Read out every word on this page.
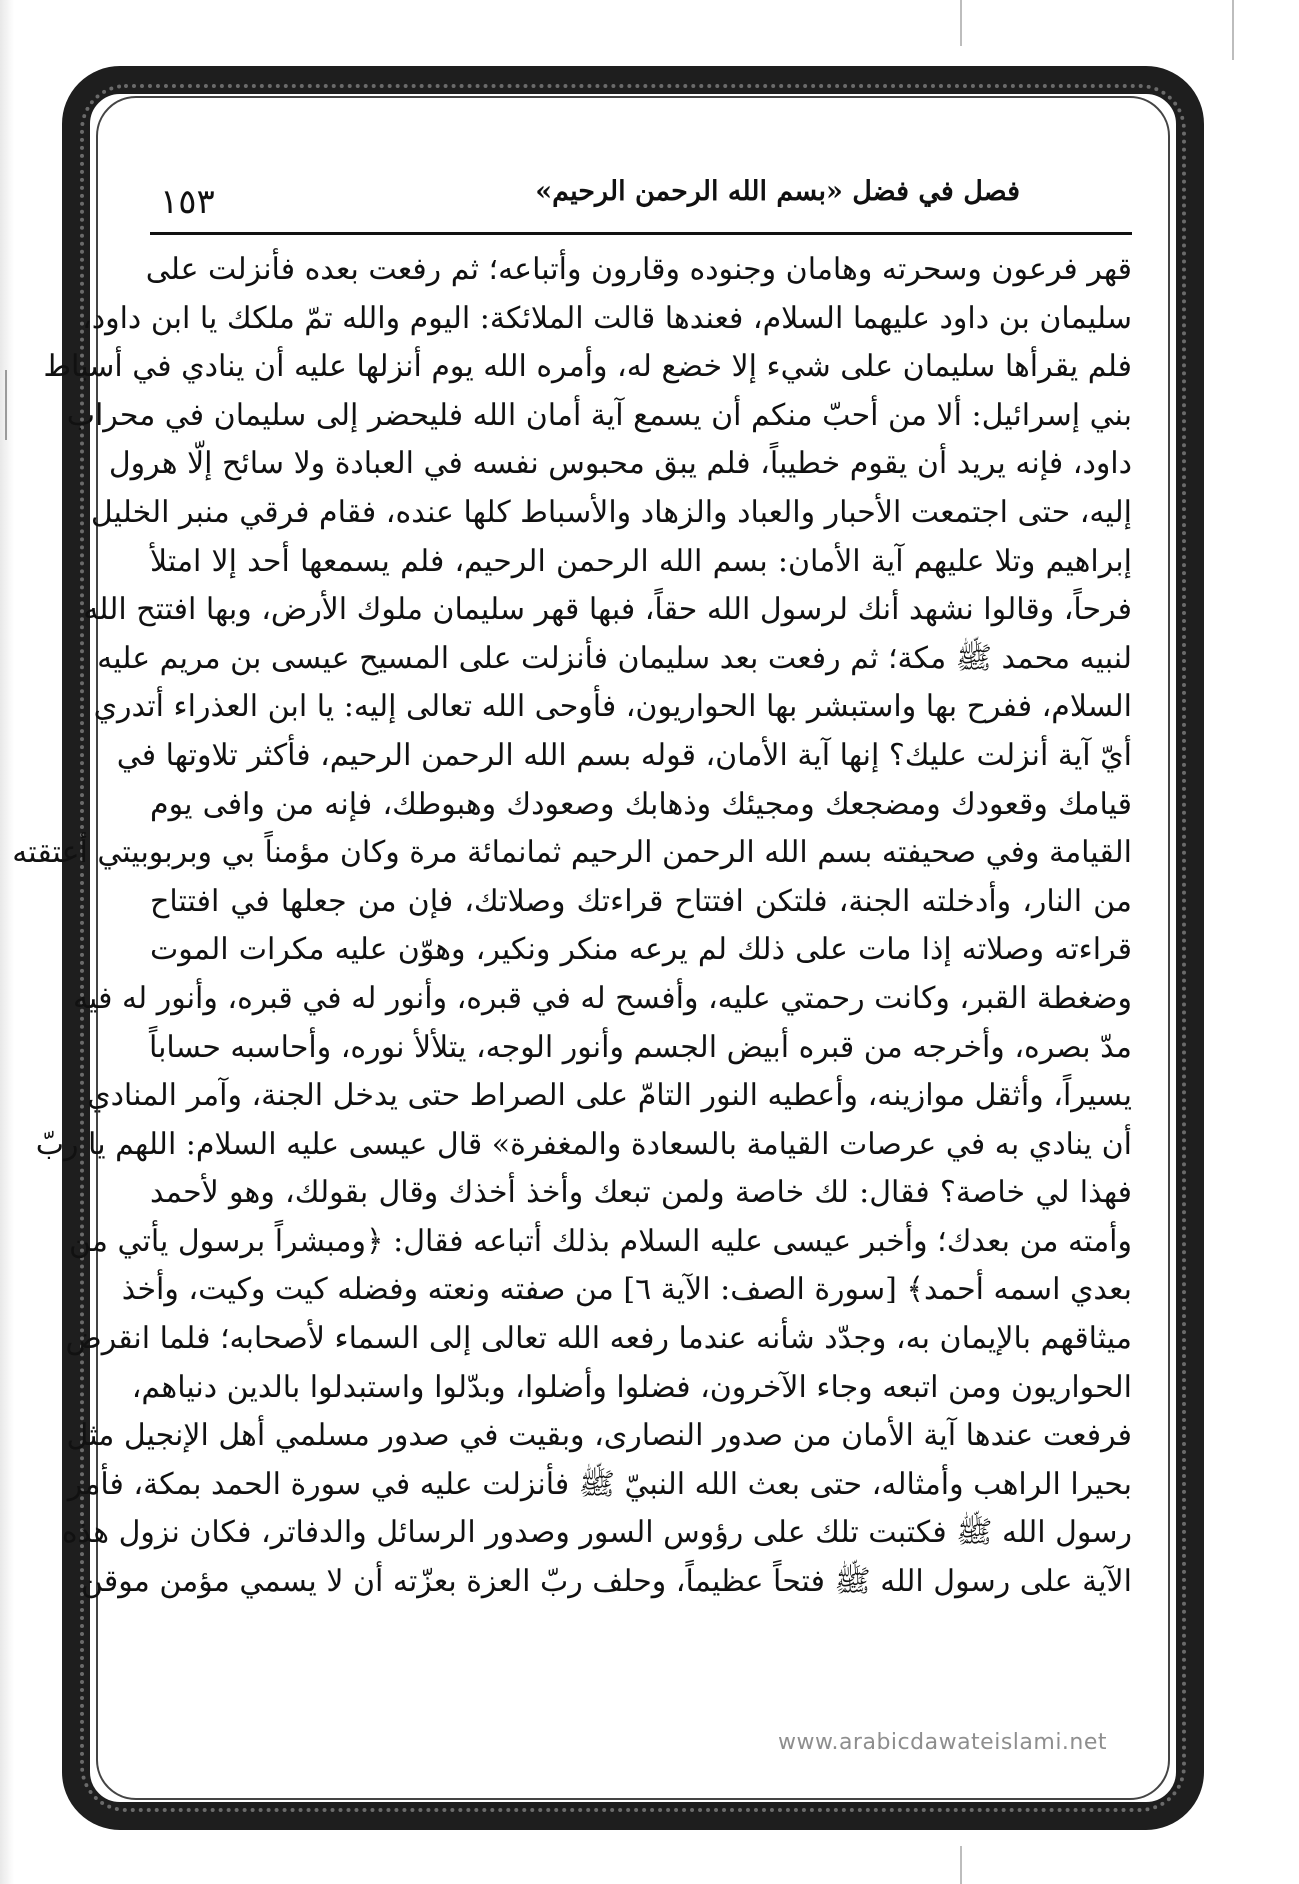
فصل في فضل «بسم الله الرحمن الرحيم»
١٥٣
قهر فرعون وسحرته وهامان وجنوده وقارون وأتباعه؛ ثم رفعت بعده فأنزلت على
سليمان بن داود عليهما السلام، فعندها قالت الملائكة: اليوم والله تمّ ملكك يا ابن داود،
فلم يقرأها سليمان على شيء إلا خضع له، وأمره الله يوم أنزلها عليه أن ينادي في أسباط
بني إسرائيل: ألا من أحبّ منكم أن يسمع آية أمان الله فليحضر إلى سليمان في محراب
داود، فإنه يريد أن يقوم خطيباً، فلم يبق محبوس نفسه في العبادة ولا سائح إلّا هرول
إليه، حتى اجتمعت الأحبار والعباد والزهاد والأسباط كلها عنده، فقام فرقي منبر الخليل
إبراهيم وتلا عليهم آية الأمان: بسم الله الرحمن الرحيم، فلم يسمعها أحد إلا امتلأ
فرحاً، وقالوا نشهد أنك لرسول الله حقاً، فبها قهر سليمان ملوك الأرض، وبها افتتح الله
لنبيه محمد ﷺ مكة؛ ثم رفعت بعد سليمان فأنزلت على المسيح عيسى بن مريم عليه
السلام، ففرح بها واستبشر بها الحواريون، فأوحى الله تعالى إليه: يا ابن العذراء أتدري
أيّ آية أنزلت عليك؟ إنها آية الأمان، قوله بسم الله الرحمن الرحيم، فأكثر تلاوتها في
قيامك وقعودك ومضجعك ومجيئك وذهابك وصعودك وهبوطك، فإنه من وافى يوم
القيامة وفي صحيفته بسم الله الرحمن الرحيم ثمانمائة مرة وكان مؤمناً بي وبربوبيتي أعتقته
من النار، وأدخلته الجنة، فلتكن افتتاح قراءتك وصلاتك، فإن من جعلها في افتتاح
قراءته وصلاته إذا مات على ذلك لم يرعه منكر ونكير، وهوّن عليه مكرات الموت
وضغطة القبر، وكانت رحمتي عليه، وأفسح له في قبره، وأنور له في قبره، وأنور له فيه
مدّ بصره، وأخرجه من قبره أبيض الجسم وأنور الوجه، يتلألأ نوره، وأحاسبه حساباً
يسيراً، وأثقل موازينه، وأعطيه النور التامّ على الصراط حتى يدخل الجنة، وآمر المنادي
أن ينادي به في عرصات القيامة بالسعادة والمغفرة» قال عيسى عليه السلام: اللهم يا ربّ
فهذا لي خاصة؟ فقال: لك خاصة ولمن تبعك وأخذ أخذك وقال بقولك، وهو لأحمد
وأمته من بعدك؛ وأخبر عيسى عليه السلام بذلك أتباعه فقال: ﴿ومبشراً برسول يأتي من
بعدي اسمه أحمد﴾ [سورة الصف: الآية ٦] من صفته ونعته وفضله كيت وكيت، وأخذ
ميثاقهم بالإيمان به، وجدّد شأنه عندما رفعه الله تعالى إلى السماء لأصحابه؛ فلما انقرض
الحواريون ومن اتبعه وجاء الآخرون، فضلوا وأضلوا، وبدّلوا واستبدلوا بالدين دنياهم،
فرفعت عندها آية الأمان من صدور النصارى، وبقيت في صدور مسلمي أهل الإنجيل مثل
بحيرا الراهب وأمثاله، حتى بعث الله النبيّ ﷺ فأنزلت عليه في سورة الحمد بمكة، فأمر
رسول الله ﷺ فكتبت تلك على رؤوس السور وصدور الرسائل والدفاتر، فكان نزول هذه
الآية على رسول الله ﷺ فتحاً عظيماً، وحلف ربّ العزة بعزّته أن لا يسمي مؤمن موقن
www.arabicdawateislami.net
